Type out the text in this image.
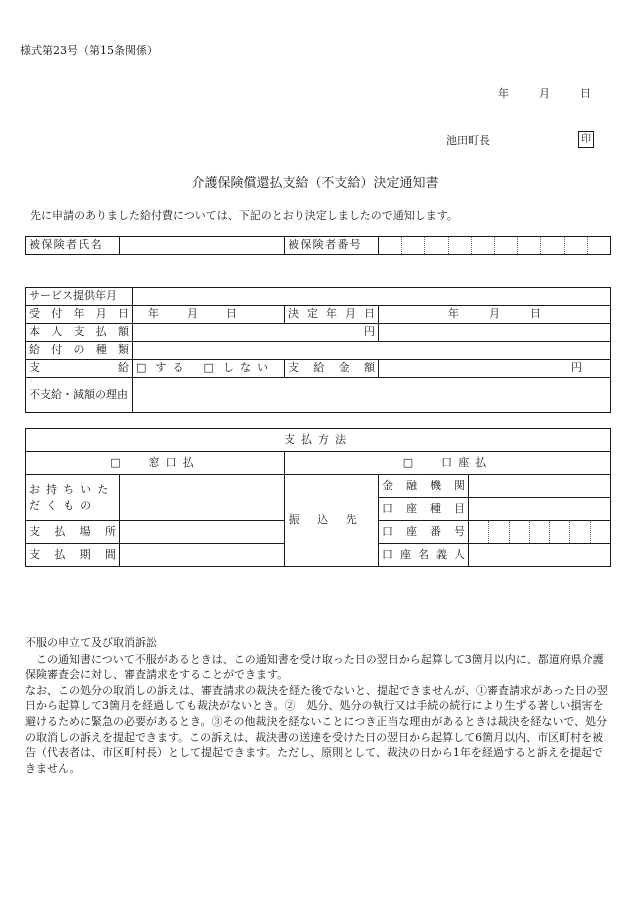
様式第23号（第15条関係）
年	月	日
池田町長	印
介護保険償還払支給（不支給）決定通知書
先に申請のありました給付費については、下記のとおり決定しましたので通知します。
被保険者氏名		被保険者番号	
サービス提供年月			
受付年月日	年 月 日	決定年月日	年 月 日
本人支払額	円		
給付の種類			

支 給	□ する □ しない	支給金額	円
不支給・減額の理由			
支払方法				
□ 窓口払		□ 口座払		
お持ちいただくもの		振込先	金融機関	
			口座種目	
支払場所			口座番号	

支払期間			口座名義人	

不服の申立て及び取消訴訟

この通知書について不服があるときは、この通知書を受け取った日の翌日から起算して3箇月以内に、都道府県介護保険審査会に対し、審査請求をすることができます。

なお、この処分の取消しの訴えは、審査請求の裁決を経た後でないと、提起できませんが、①審査請求があった日の翌日から起算して3箇月を経過しても裁決がないとき。②　処分、処分の執行又は手続の続行により生ずる著しい損害を避けるために緊急の必要があるとき。③その他裁決を経ないことにつき正当な理由があるときは裁決を経ないで、処分の取消しの訴えを提起できます。この訴えは、裁決書の送達を受けた日の翌日から起算して6箇月以内、市区町村を被告（代表者は、市区町村長）として提起できます。ただし、原則として、裁決の日から1年を経過すると訴えを提起できません。
